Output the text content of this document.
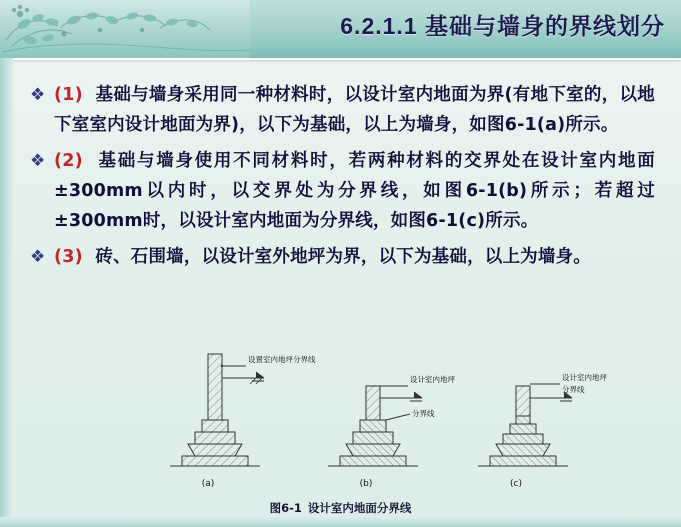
6.2.1.1 基础与墙身的界线划分
❖ (1) 基础与墙身采用同一种材料时，以设计室内地面为界(有地下室的，以地下室室内设计地面为界)，以下为基础，以上为墙身，如图6-1(a)所示。
❖ (2) 基础与墙身使用不同材料时，若两种材料的交界处在设计室内地面±300mm以内时，以交界处为分界线，如图6-1(b)所示；若超过±300mm时，以设计室内地面为分界线，如图6-1(c)所示。
❖ (3) 砖、石围墙，以设计室外地坪为界，以下为基础，以上为墙身。
设置室内地坪分界线
(a)
设计室内地坪
分界线
(b)
设计室内地坪
分界线
(c)
图6-1 设计室内地面分界线
